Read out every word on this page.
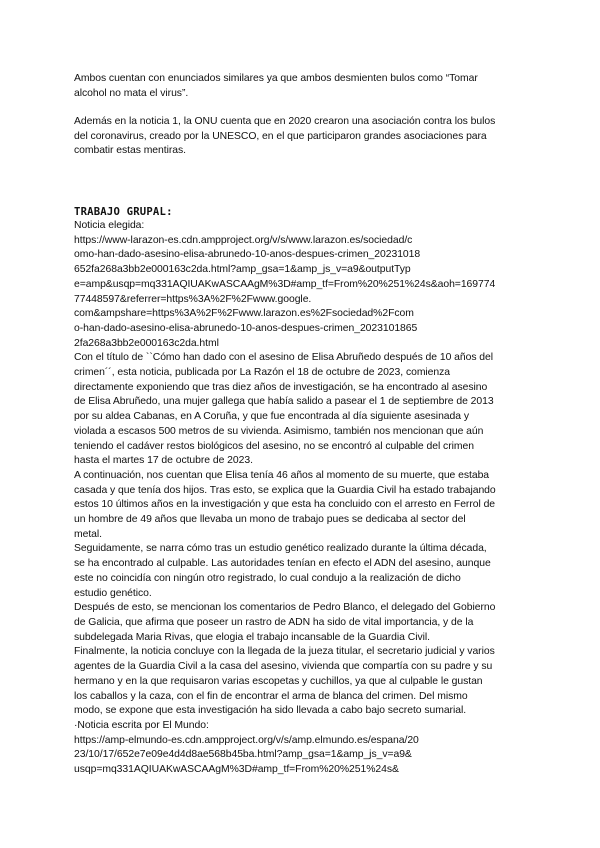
Ambos cuentan con enunciados similares ya que ambos desmienten bulos como “Tomar
alcohol no mata el virus”.
Además en la noticia 1, la ONU cuenta que en 2020 crearon una asociación contra los bulos
del coronavirus, creado por la UNESCO, en el que participaron grandes asociaciones para
combatir estas mentiras.
TRABAJO GRUPAL:
Noticia elegida:
https://www-larazon-es.cdn.ampproject.org/v/s/www.larazon.es/sociedad/c
omo-han-dado-asesino-elisa-abrunedo-10-anos-despues-crimen_20231018
652fa268a3bb2e000163c2da.html?amp_gsa=1&amp_js_v=a9&outputTyp
e=amp&usqp=mq331AQIUAKwASCAAgM%3D#amp_tf=From%20%251%24s&aoh=169774
77448597&referrer=https%3A%2F%2Fwww.google.
com&ampshare=https%3A%2F%2Fwww.larazon.es%2Fsociedad%2Fcom
o-han-dado-asesino-elisa-abrunedo-10-anos-despues-crimen_2023101865
2fa268a3bb2e000163c2da.html
Con el título de ``Cómo han dado con el asesino de Elisa Abruñedo después de 10 años del
crimen´´, esta noticia, publicada por La Razón el 18 de octubre de 2023, comienza
directamente exponiendo que tras diez años de investigación, se ha encontrado al asesino
de Elisa Abruñedo, una mujer gallega que había salido a pasear el 1 de septiembre de 2013
por su aldea Cabanas, en A Coruña, y que fue encontrada al día siguiente asesinada y
violada a escasos 500 metros de su vivienda. Asimismo, también nos mencionan que aún
teniendo el cadáver restos biológicos del asesino, no se encontró al culpable del crimen
hasta el martes 17 de octubre de 2023.
A continuación, nos cuentan que Elisa tenía 46 años al momento de su muerte, que estaba
casada y que tenía dos hijos. Tras esto, se explica que la Guardia Civil ha estado trabajando
estos 10 últimos años en la investigación y que esta ha concluido con el arresto en Ferrol de
un hombre de 49 años que llevaba un mono de trabajo pues se dedicaba al sector del
metal.
Seguidamente, se narra cómo tras un estudio genético realizado durante la última década,
se ha encontrado al culpable. Las autoridades tenían en efecto el ADN del asesino, aunque
este no coincidía con ningún otro registrado, lo cual condujo a la realización de dicho
estudio genético.
Después de esto, se mencionan los comentarios de Pedro Blanco, el delegado del Gobierno
de Galicia, que afirma que poseer un rastro de ADN ha sido de vital importancia, y de la
subdelegada Maria Rivas, que elogia el trabajo incansable de la Guardia Civil.
Finalmente, la noticia concluye con la llegada de la jueza titular, el secretario judicial y varios
agentes de la Guardia Civil a la casa del asesino, vivienda que compartía con su padre y su
hermano y en la que requisaron varias escopetas y cuchillos, ya que al culpable le gustan
los caballos y la caza, con el fin de encontrar el arma de blanca del crimen. Del mismo
modo, se expone que esta investigación ha sido llevada a cabo bajo secreto sumarial.
·Noticia escrita por El Mundo:
https://amp-elmundo-es.cdn.ampproject.org/v/s/amp.elmundo.es/espana/20
23/10/17/652e7e09e4d4d8ae568b45ba.html?amp_gsa=1&amp_js_v=a9&
usqp=mq331AQIUAKwASCAAgM%3D#amp_tf=From%20%251%24s&
